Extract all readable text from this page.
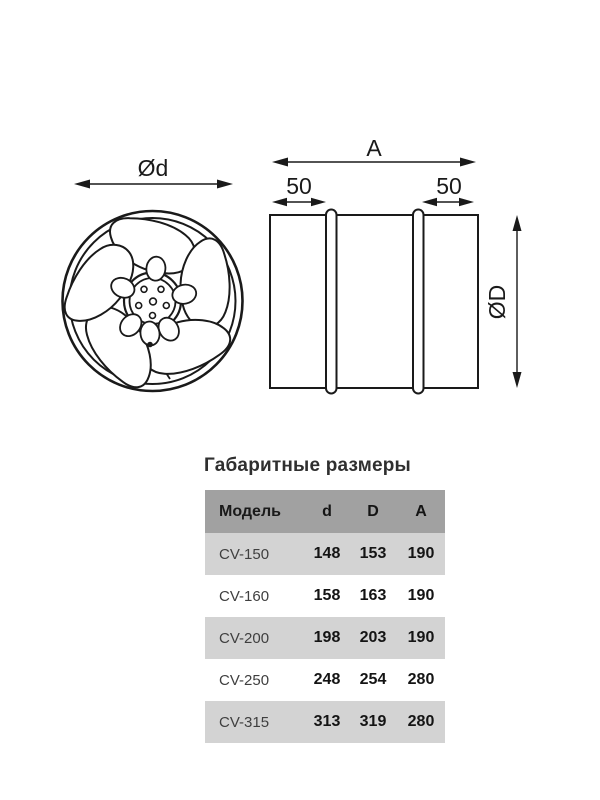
Ød
A
50	50
ØD
Габаритные размеры
Модель	d	D	A
CV-150	148	153	190
CV-160	158	163	190
CV-200	198	203	190
CV-250	248	254	280
CV-315	313	319	280
